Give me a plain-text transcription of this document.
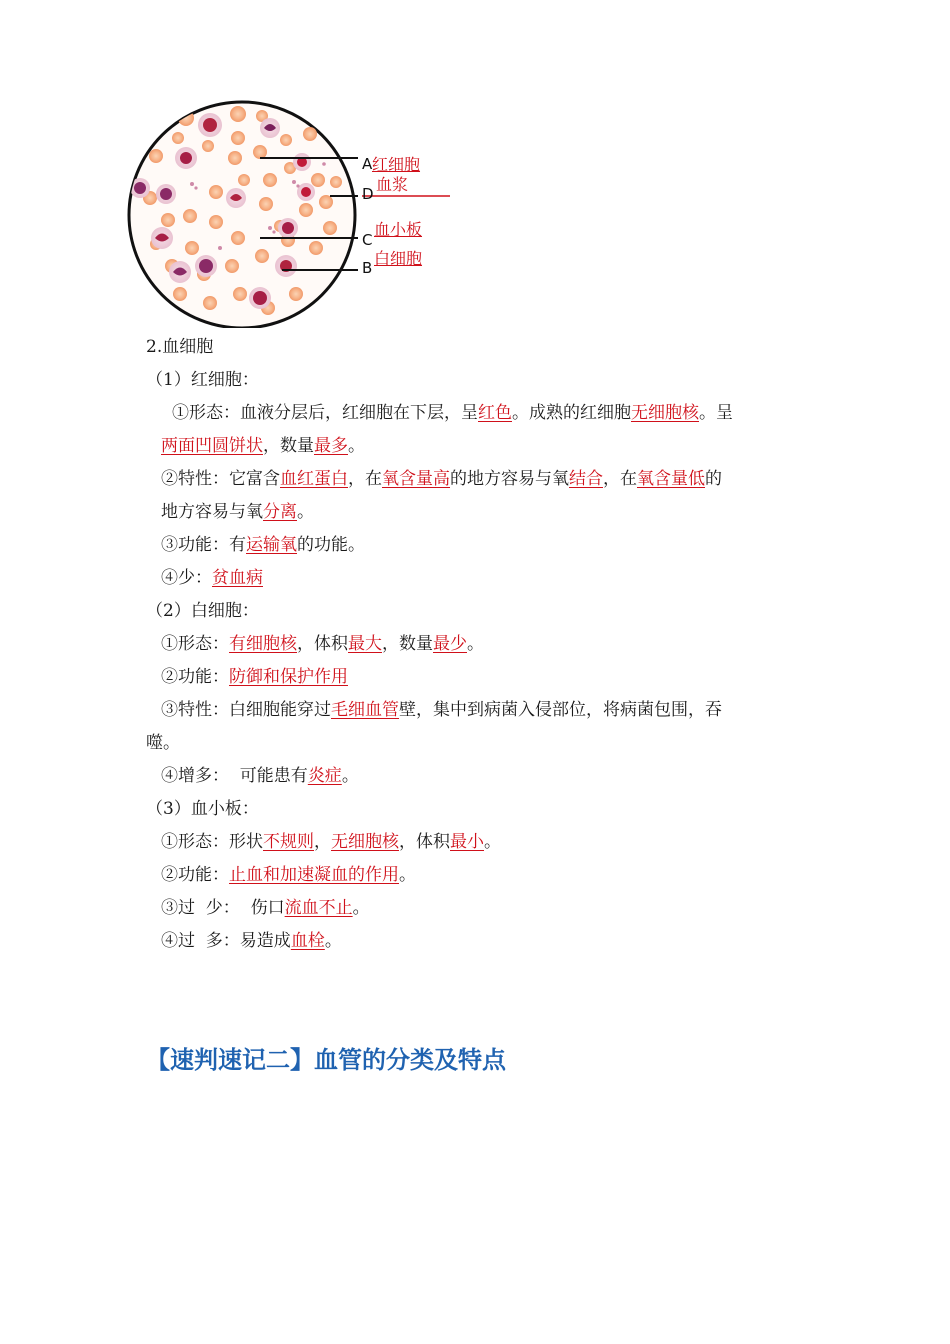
A 红细胞
D 血浆
C
血小板
B 白细胞
2.血细胞
（1）红细胞：
①形态：血液分层后，红细胞在下层，呈红色。成熟的红细胞无细胞核。呈
两面凹圆饼状，数量最多。
②特性：它富含血红蛋白，在氧含量高的地方容易与氧结合，在氧含量低的
地方容易与氧分离。
③功能：有运输氧的功能。
④少：贫血病
（2）白细胞：
①形态：有细胞核，体积最大，数量最少。
②功能：防御和保护作用
③特性：白细胞能穿过毛细血管壁，集中到病菌入侵部位，将病菌包围，吞
噬。
④增多：  可能患有炎症。
（3）血小板：
①形态：形状不规则，无细胞核，体积最小。
②功能：止血和加速凝血的作用。
③过  少：  伤口流血不止。
④过  多：易造成血栓。
【速判速记二】血管的分类及特点
